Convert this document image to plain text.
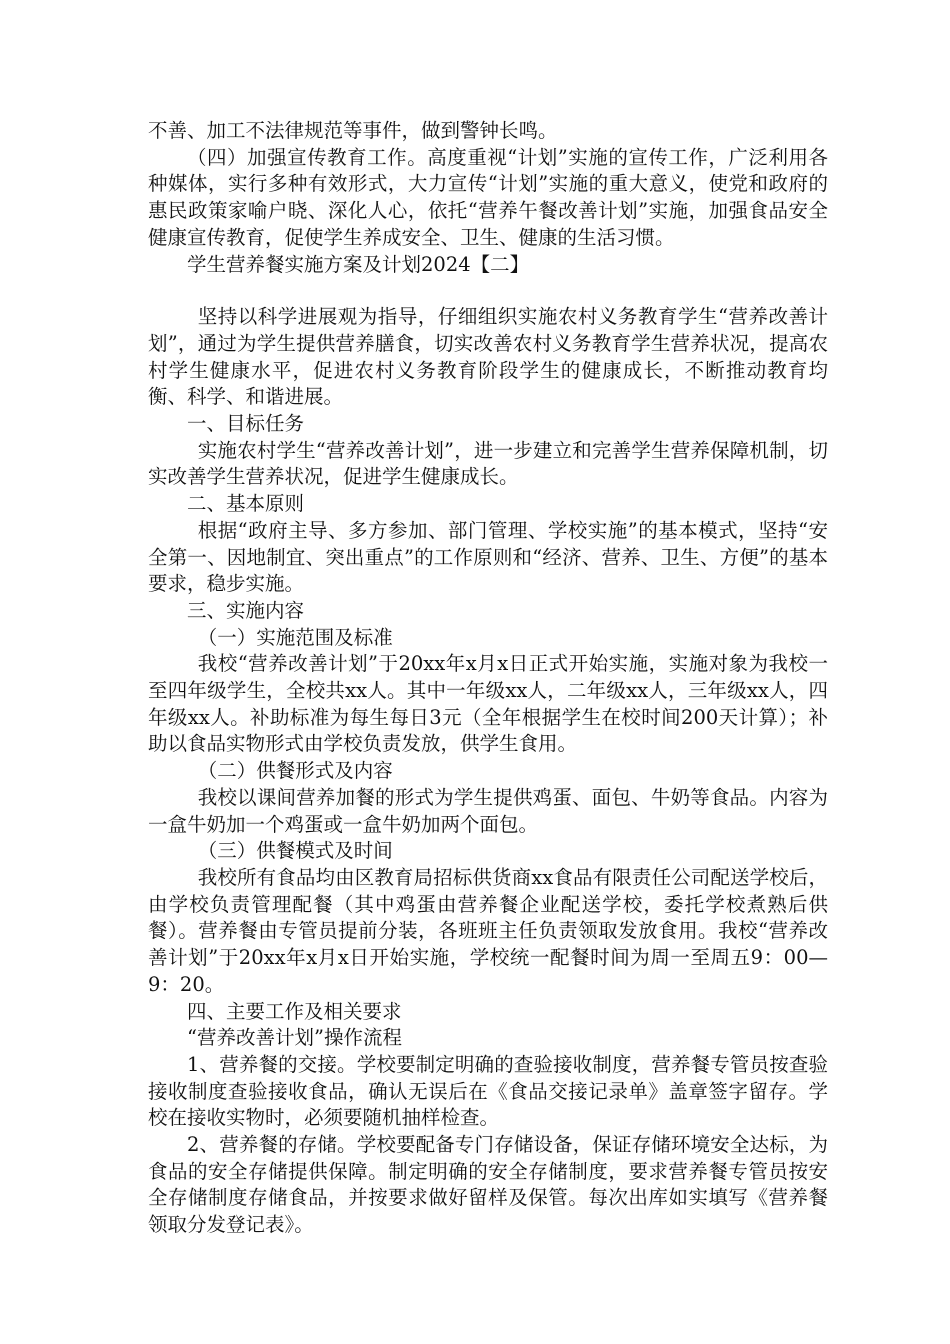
不善、加工不法律规范等事件，做到警钟长鸣。

（四）加强宣传教育工作。高度重视“计划”实施的宣传工作，广泛利用各种媒体，实行多种有效形式，大力宣传“计划”实施的重大意义，使党和政府的惠民政策家喻户晓、深化人心，依托“营养午餐改善计划”实施，加强食品安全健康宣传教育，促使学生养成安全、卫生、健康的生活习惯。

学生营养餐实施方案及计划2024【二】

坚持以科学进展观为指导，仔细组织实施农村义务教育学生“营养改善计划”，通过为学生提供营养膳食，切实改善农村义务教育学生营养状况，提高农村学生健康水平，促进农村义务教育阶段学生的健康成长，不断推动教育均衡、科学、和谐进展。

一、目标任务

实施农村学生“营养改善计划”，进一步建立和完善学生营养保障机制，切实改善学生营养状况，促进学生健康成长。

二、基本原则

根据“政府主导、多方参加、部门管理、学校实施”的基本模式，坚持“安全第一、因地制宜、突出重点”的工作原则和“经济、营养、卫生、方便”的基本要求，稳步实施。

三、实施内容

（一）实施范围及标准

我校“营养改善计划”于20xx年x月x日正式开始实施，实施对象为我校一至四年级学生，全校共xx人。其中一年级xx人，二年级xx人，三年级xx人，四年级xx人。补助标准为每生每日3元（全年根据学生在校时间200天计算）；补助以食品实物形式由学校负责发放，供学生食用。

（二）供餐形式及内容

我校以课间营养加餐的形式为学生提供鸡蛋、面包、牛奶等食品。内容为一盒牛奶加一个鸡蛋或一盒牛奶加两个面包。

（三）供餐模式及时间

我校所有食品均由区教育局招标供货商xx食品有限责任公司配送学校后，由学校负责管理配餐（其中鸡蛋由营养餐企业配送学校，委托学校煮熟后供餐）。营养餐由专管员提前分装，各班班主任负责领取发放食用。我校“营养改善计划”于20xx年x月x日开始实施，学校统一配餐时间为周一至周五9：00—9：20。

四、主要工作及相关要求

“营养改善计划”操作流程

1、营养餐的交接。学校要制定明确的查验接收制度，营养餐专管员按查验接收制度查验接收食品，确认无误后在《食品交接记录单》盖章签字留存。学校在接收实物时，必须要随机抽样检查。

2、营养餐的存储。学校要配备专门存储设备，保证存储环境安全达标，为食品的安全存储提供保障。制定明确的安全存储制度，要求营养餐专管员按安全存储制度存储食品，并按要求做好留样及保管。每次出库如实填写《营养餐领取分发登记表》。
